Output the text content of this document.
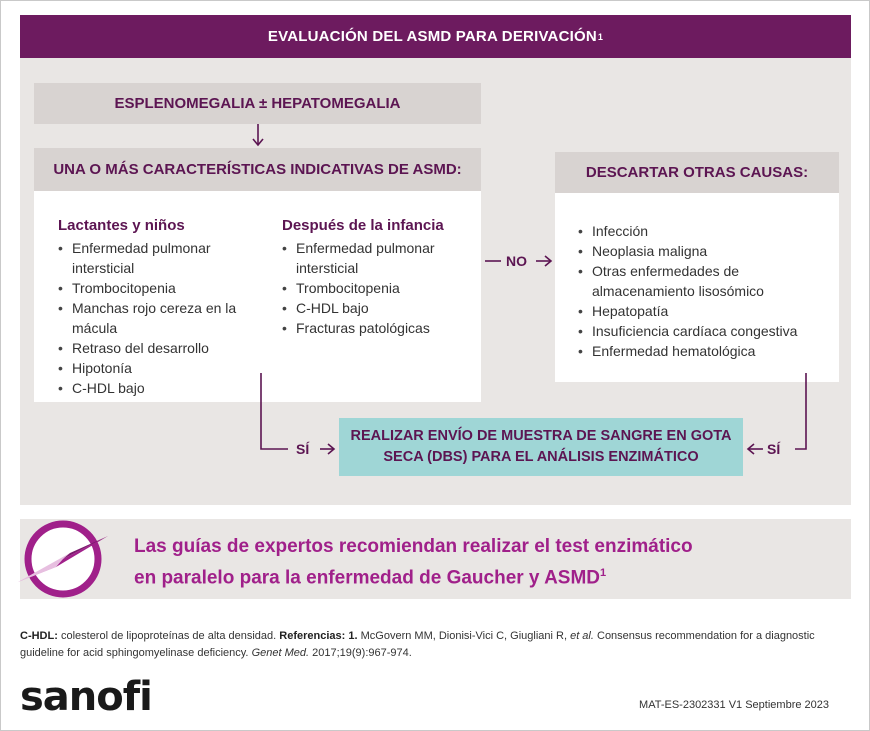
EVALUACIÓN DEL ASMD PARA DERIVACIÓN 1
ESPLENOMEGALIA ± HEPATOMEGALIA
UNA O MÁS CARACTERÍSTICAS INDICATIVAS DE ASMD:
Lactantes y niños
• Enfermedad pulmonar
intersticial
• Trombocitopenia
• Manchas rojo cereza en la
mácula
• Retraso del desarrollo
• Hipotonía
• C-HDL bajo
Después de la infancia
• Enfermedad pulmonar
intersticial
• Trombocitopenia
• C-HDL bajo
• Fracturas patológicas
DESCARTAR OTRAS CAUSAS:
• Infección
• Neoplasia maligna
• Otras enfermedades de
almacenamiento lisosómico
• Hepatopatía
• Insuficiencia cardíaca congestiva
• Enfermedad hematológica
REALIZAR ENVÍO DE MUESTRA DE SANGRE EN GOTA
SECA (DBS) PARA EL ANÁLISIS ENZIMÁTICO
NO
SÍ	SÍ
Las guías de expertos recomiendan realizar el test enzimático
en paralelo para la enfermedad de Gaucher y ASMD$^1$
C-HDL: colesterol de lipoproteínas de alta densidad. Referencias: 1. McGovern MM, Dionisi-Vici C, Giugliani R, et al. Consensus recommendation for a diagnostic guideline for acid sphingomyelinase deficiency. Genet Med. 2017;19(9):967-974.
sanofi	MAT-ES-2302331 V1 Septiembre 2023
